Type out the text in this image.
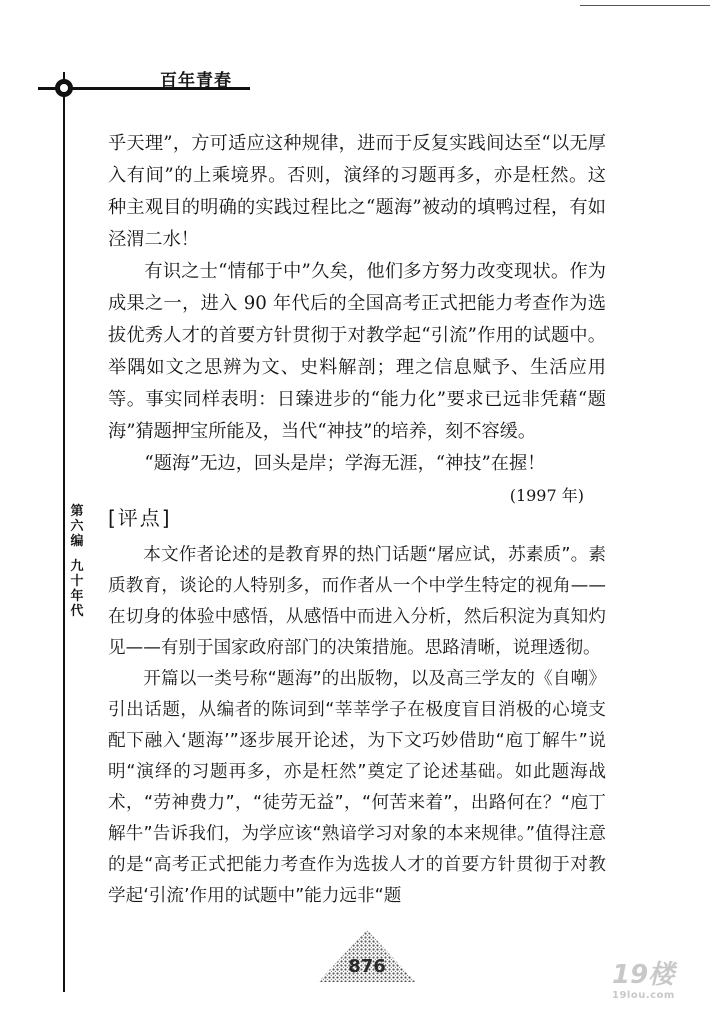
百年青春
第六编
九十年代

乎天理”，方可适应这种规律，进而于反复实践间达至“以无厚入有间”的上乘境界。否则，演绎的习题再多，亦是枉然。这种主观目的明确的实践过程比之“题海”被动的填鸭过程，有如泾渭二水！

有识之士“情郁于中”久矣，他们多方努力改变现状。作为成果之一，进入 90 年代后的全国高考正式把能力考查作为选拔优秀人才的首要方针贯彻于对教学起“引流”作用的试题中。举隅如文之思辨为文、史料解剖；理之信息赋予、生活应用等。事实同样表明：日臻进步的“能力化”要求已远非凭藉“题海”猜题押宝所能及，当代“神技”的培养，刻不容缓。

“题海”无边，回头是岸；学海无涯，“神技”在握！

(1997 年)

[评点]

本文作者论述的是教育界的热门话题“屠应试，苏素质”。素质教育，谈论的人特别多，而作者从一个中学生特定的视角——在切身的体验中感悟，从感悟中而进入分析，然后积淀为真知灼见——有别于国家政府部门的决策措施。思路清晰，说理透彻。

开篇以一类号称“题海”的出版物，以及高三学友的《自嘲》引出话题，从编者的陈词到“莘莘学子在极度盲目消极的心境支配下融入‘题海’”逐步展开论述，为下文巧妙借助“庖丁解牛”说明“演绎的习题再多，亦是枉然”奠定了论述基础。如此题海战术，“劳神费力”，“徒劳无益”，“何苦来着”，出路何在？“庖丁解牛”告诉我们，为学应该“熟谙学习对象的本来规律。”值得注意的是“高考正式把能力考查作为选拔人才的首要方针贯彻于对教学起‘引流’作用的试题中”能力远非“题

876	19楼
19lou.com
